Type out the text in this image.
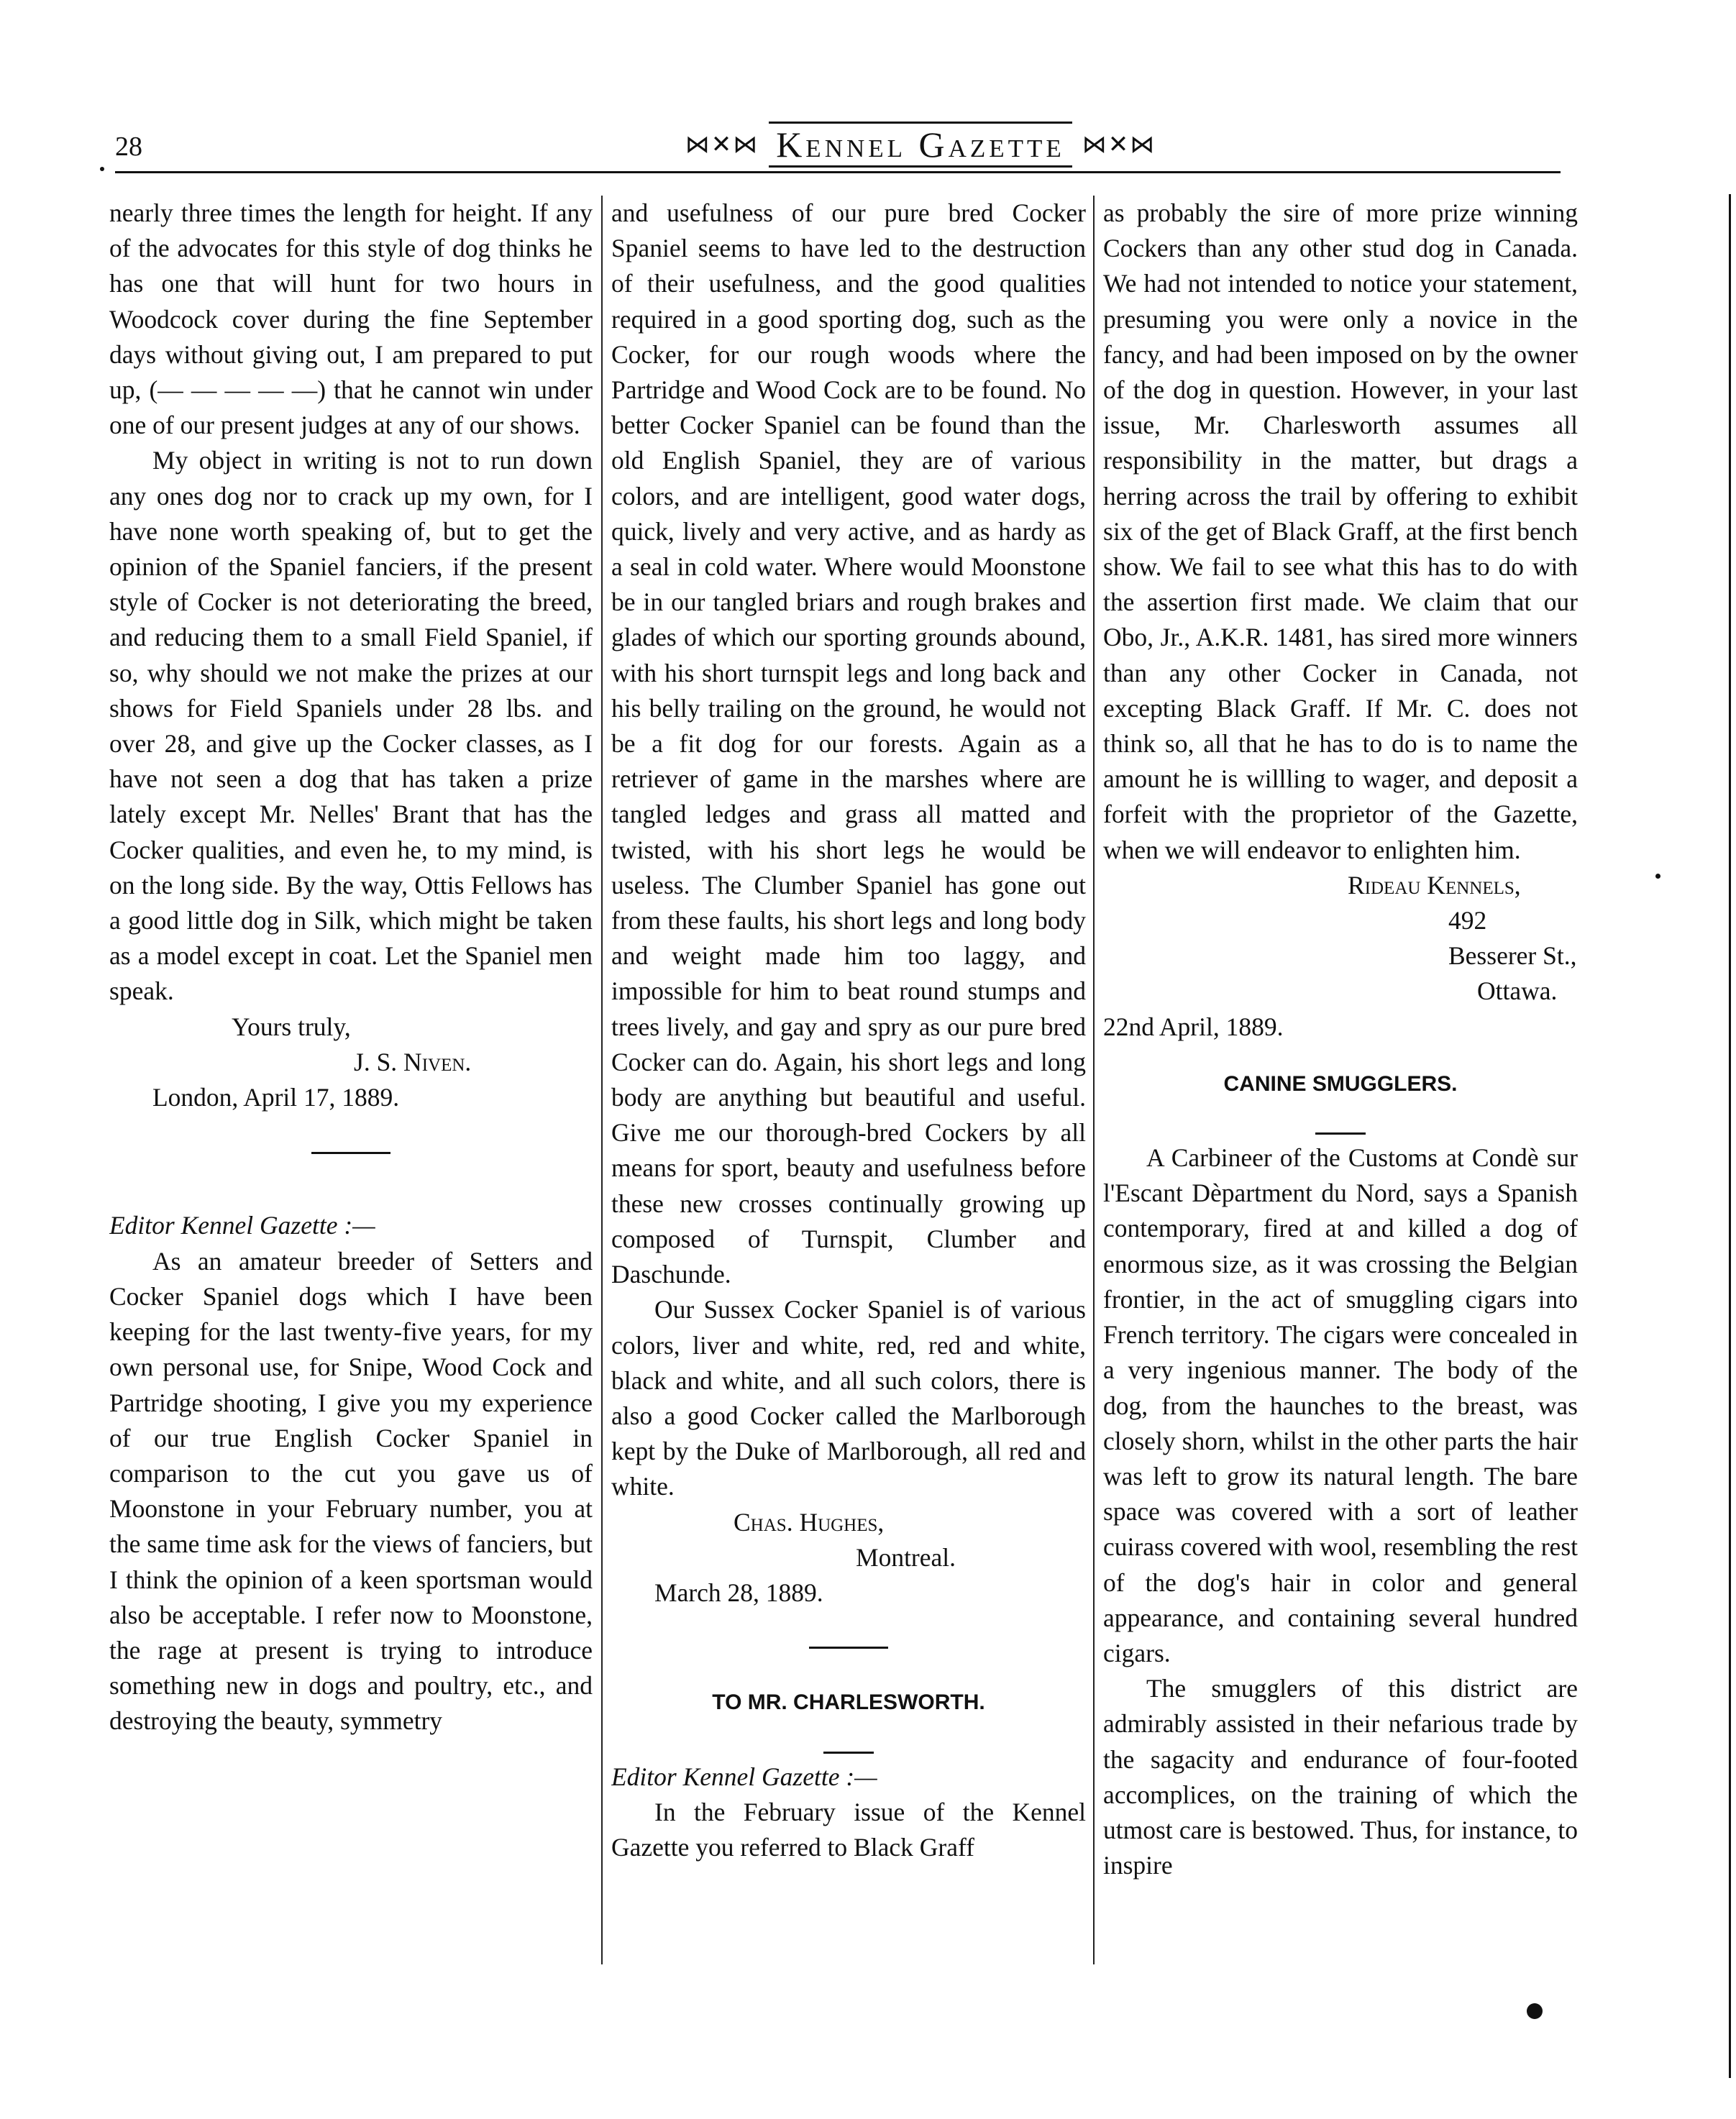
28	⋈✕⋈ Kennel Gazette ⋈✕⋈

nearly three times the length for height. If any of the advocates for this style of dog thinks he has one that will hunt for two hours in Woodcock cover during the fine September days without giving out, I am prepared to put up, (— — — — —) that he cannot win under one of our present judges at any of our shows.

My object in writing is not to run down any ones dog nor to crack up my own, for I have none worth speaking of, but to get the opinion of the Spaniel fanciers, if the present style of Cocker is not deteriorating the breed, and reducing them to a small Field Spaniel, if so, why should we not make the prizes at our shows for Field Spaniels under 28 lbs. and over 28, and give up the Cocker classes, as I have not seen a dog that has taken a prize lately except Mr. Nelles' Brant that has the Cocker qualities, and even he, to my mind, is on the long side. By the way, Ottis Fellows has a good little dog in Silk, which might be taken as a model except in coat. Let the Spaniel men speak.

Yours truly,
J. S. Niven.
London, April 17, 1889.

Editor Kennel Gazette :—

As an amateur breeder of Setters and Cocker Spaniel dogs which I have been keeping for the last twenty-five years, for my own personal use, for Snipe, Wood Cock and Partridge shooting, I give you my experience of our true English Cocker Spaniel in comparison to the cut you gave us of Moonstone in your February number, you at the same time ask for the views of fanciers, but I think the opinion of a keen sportsman would also be acceptable. I refer now to Moonstone, the rage at present is trying to introduce something new in dogs and poultry, etc., and destroying the beauty, symmetry

and usefulness of our pure bred Cocker Spaniel seems to have led to the destruction of their usefulness, and the good qualities required in a good sporting dog, such as the Cocker, for our rough woods where the Partridge and Wood Cock are to be found. No better Cocker Spaniel can be found than the old English Spaniel, they are of various colors, and are intelligent, good water dogs, quick, lively and very active, and as hardy as a seal in cold water. Where would Moonstone be in our tangled briars and rough brakes and glades of which our sporting grounds abound, with his short turnspit legs and long back and his belly trailing on the ground, he would not be a fit dog for our forests. Again as a retriever of game in the marshes where are tangled ledges and grass all matted and twisted, with his short legs he would be useless. The Clumber Spaniel has gone out from these faults, his short legs and long body and weight made him too laggy, and impossible for him to beat round stumps and trees lively, and gay and spry as our pure bred Cocker can do. Again, his short legs and long body are anything but beautiful and useful. Give me our thorough-bred Cockers by all means for sport, beauty and usefulness before these new crosses continually growing up composed of Turnspit, Clumber and Daschunde.

Our Sussex Cocker Spaniel is of various colors, liver and white, red, red and white, black and white, and all such colors, there is also a good Cocker called the Marlborough kept by the Duke of Marlborough, all red and white.

Chas. Hughes,
Montreal.
March 28, 1889.

TO MR. CHARLESWORTH.

Editor Kennel Gazette :—

In the February issue of the Kennel Gazette you referred to Black Graff

as probably the sire of more prize winning Cockers than any other stud dog in Canada. We had not intended to notice your statement, presuming you were only a novice in the fancy, and had been imposed on by the owner of the dog in question. However, in your last issue, Mr. Charlesworth assumes all responsibility in the matter, but drags a herring across the trail by offering to exhibit six of the get of Black Graff, at the first bench show. We fail to see what this has to do with the assertion first made. We claim that our Obo, Jr., A.K.R. 1481, has sired more winners than any other Cocker in Canada, not excepting Black Graff. If Mr. C. does not think so, all that he has to do is to name the amount he is willling to wager, and deposit a forfeit with the proprietor of the Gazette, when we will endeavor to enlighten him.

Rideau Kennels,
492 Besserer St.,
Ottawa.
22nd April, 1889.

CANINE SMUGGLERS.

A Carbineer of the Customs at Condè sur l'Escant Dèpartment du Nord, says a Spanish contemporary, fired at and killed a dog of enormous size, as it was crossing the Belgian frontier, in the act of smuggling cigars into French territory. The cigars were concealed in a very ingenious manner. The body of the dog, from the haunches to the breast, was closely shorn, whilst in the other parts the hair was left to grow its natural length. The bare space was covered with a sort of leather cuirass covered with wool, resembling the rest of the dog's hair in color and general appearance, and containing several hundred cigars.

The smugglers of this district are admirably assisted in their nefarious trade by the sagacity and endurance of four-footed accomplices, on the training of which the utmost care is bestowed. Thus, for instance, to inspire
